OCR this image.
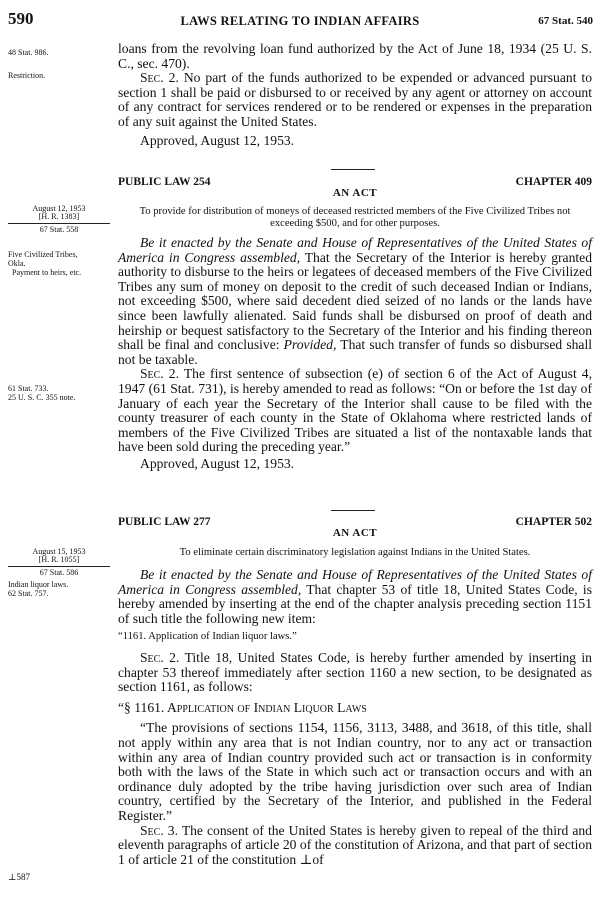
590	LAWS RELATING TO INDIAN AFFAIRS	67 Stat. 540
48 Stat. 986.
Restriction.
August 12, 1953
[H. R. 1383]
67 Stat. 558
Five Civilized Tribes,
Okla.
Payment to heirs, etc.
61 Stat. 733.
25 U. S. C. 355 note.
August 15, 1953
[H. R. 1055]
67 Stat. 586
Indian liquor laws.
62 Stat. 757.
⊥587

loans from the revolving loan fund authorized by the Act of June 18, 1934 (25 U. S. C., sec. 470).

Sec. 2. No part of the funds authorized to be expended or advanced pursuant to section 1 shall be paid or disbursed to or received by any agent or attorney on account of any contract for services rendered or to be rendered or expenses in the preparation of any suit against the United States.

Approved, August 12, 1953.

PUBLIC LAW 254	CHAPTER 409
AN ACT
To provide for distribution of moneys of deceased restricted members of the Five Civilized Tribes not exceeding $500, and for other purposes.

Be it enacted by the Senate and House of Representatives of the United States of America in Congress assembled, That the Secretary of the Interior is hereby granted authority to disburse to the heirs or legatees of deceased members of the Five Civilized Tribes any sum of money on deposit to the credit of such deceased Indian or Indians, not exceeding $500, where said decedent died seized of no lands or the lands have since been lawfully alienated. Said funds shall be disbursed on proof of death and heirship or bequest satisfactory to the Secretary of the Interior and his finding thereon shall be final and conclusive: Provided, That such transfer of funds so disbursed shall not be taxable.

Sec. 2. The first sentence of subsection (e) of section 6 of the Act of August 4, 1947 (61 Stat. 731), is hereby amended to read as follows: “On or before the 1st day of January of each year the Secretary of the Interior shall cause to be filed with the county treasurer of each county in the State of Oklahoma where restricted lands of members of the Five Civilized Tribes are situated a list of the nontaxable lands that have been sold during the preceding year.”

Approved, August 12, 1953.

PUBLIC LAW 277	CHAPTER 502
AN ACT
To eliminate certain discriminatory legislation against Indians in the United States.

Be it enacted by the Senate and House of Representatives of the United States of America in Congress assembled, That chapter 53 of title 18, United States Code, is hereby amended by inserting at the end of the chapter analysis preceding section 1151 of such title the following new item:

“1161. Application of Indian liquor laws.”

Sec. 2. Title 18, United States Code, is hereby further amended by inserting in chapter 53 thereof immediately after section 1160 a new section, to be designated as section 1161, as follows:

“§ 1161. Application of Indian Liquor Laws

“The provisions of sections 1154, 1156, 3113, 3488, and 3618, of this title, shall not apply within any area that is not Indian country, nor to any act or transaction within any area of Indian country provided such act or transaction is in conformity both with the laws of the State in which such act or transaction occurs and with an ordinance duly adopted by the tribe having jurisdiction over such area of Indian country, certified by the Secretary of the Interior, and published in the Federal Register.”

Sec. 3. The consent of the United States is hereby given to repeal of the third and eleventh paragraphs of article 20 of the constitution of Arizona, and that part of section 1 of article 21 of the constitution ⊥of
